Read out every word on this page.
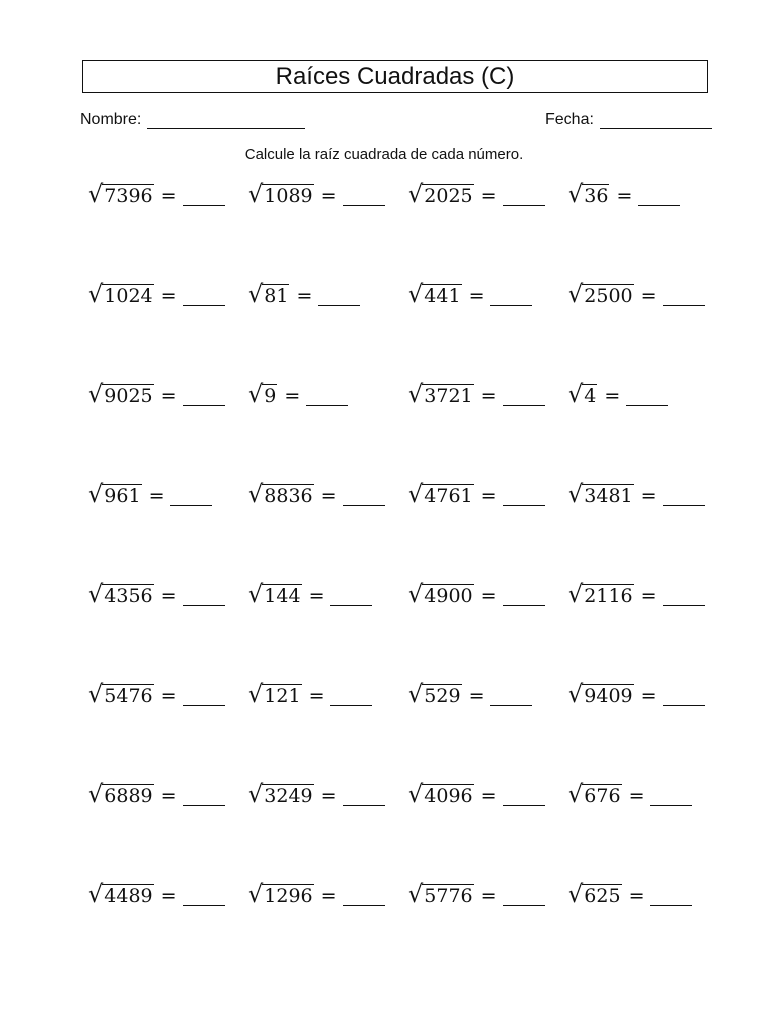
Raíces Cuadradas (C)
Nombre:	Fecha:
Calcule la raíz cuadrada de cada número.
√ 7396 =	√ 1089 =	√ 2025 =	√ 36 =
√ 1024 =	√ 81 =	√ 441 =	√ 2500 =
√ 9025 =	√ 9 =	√ 3721 =	√ 4 =
√ 961 =	√ 8836 =	√ 4761 =	√ 3481 =
√ 4356 =	√ 144 =	√ 4900 =	√ 2116 =
√ 5476 =	√ 121 =	√ 529 =	√ 9409 =
√ 6889 =	√ 3249 =	√ 4096 =	√ 676 =
√ 4489 =	√ 1296 =	√ 5776 =	√ 625 =
